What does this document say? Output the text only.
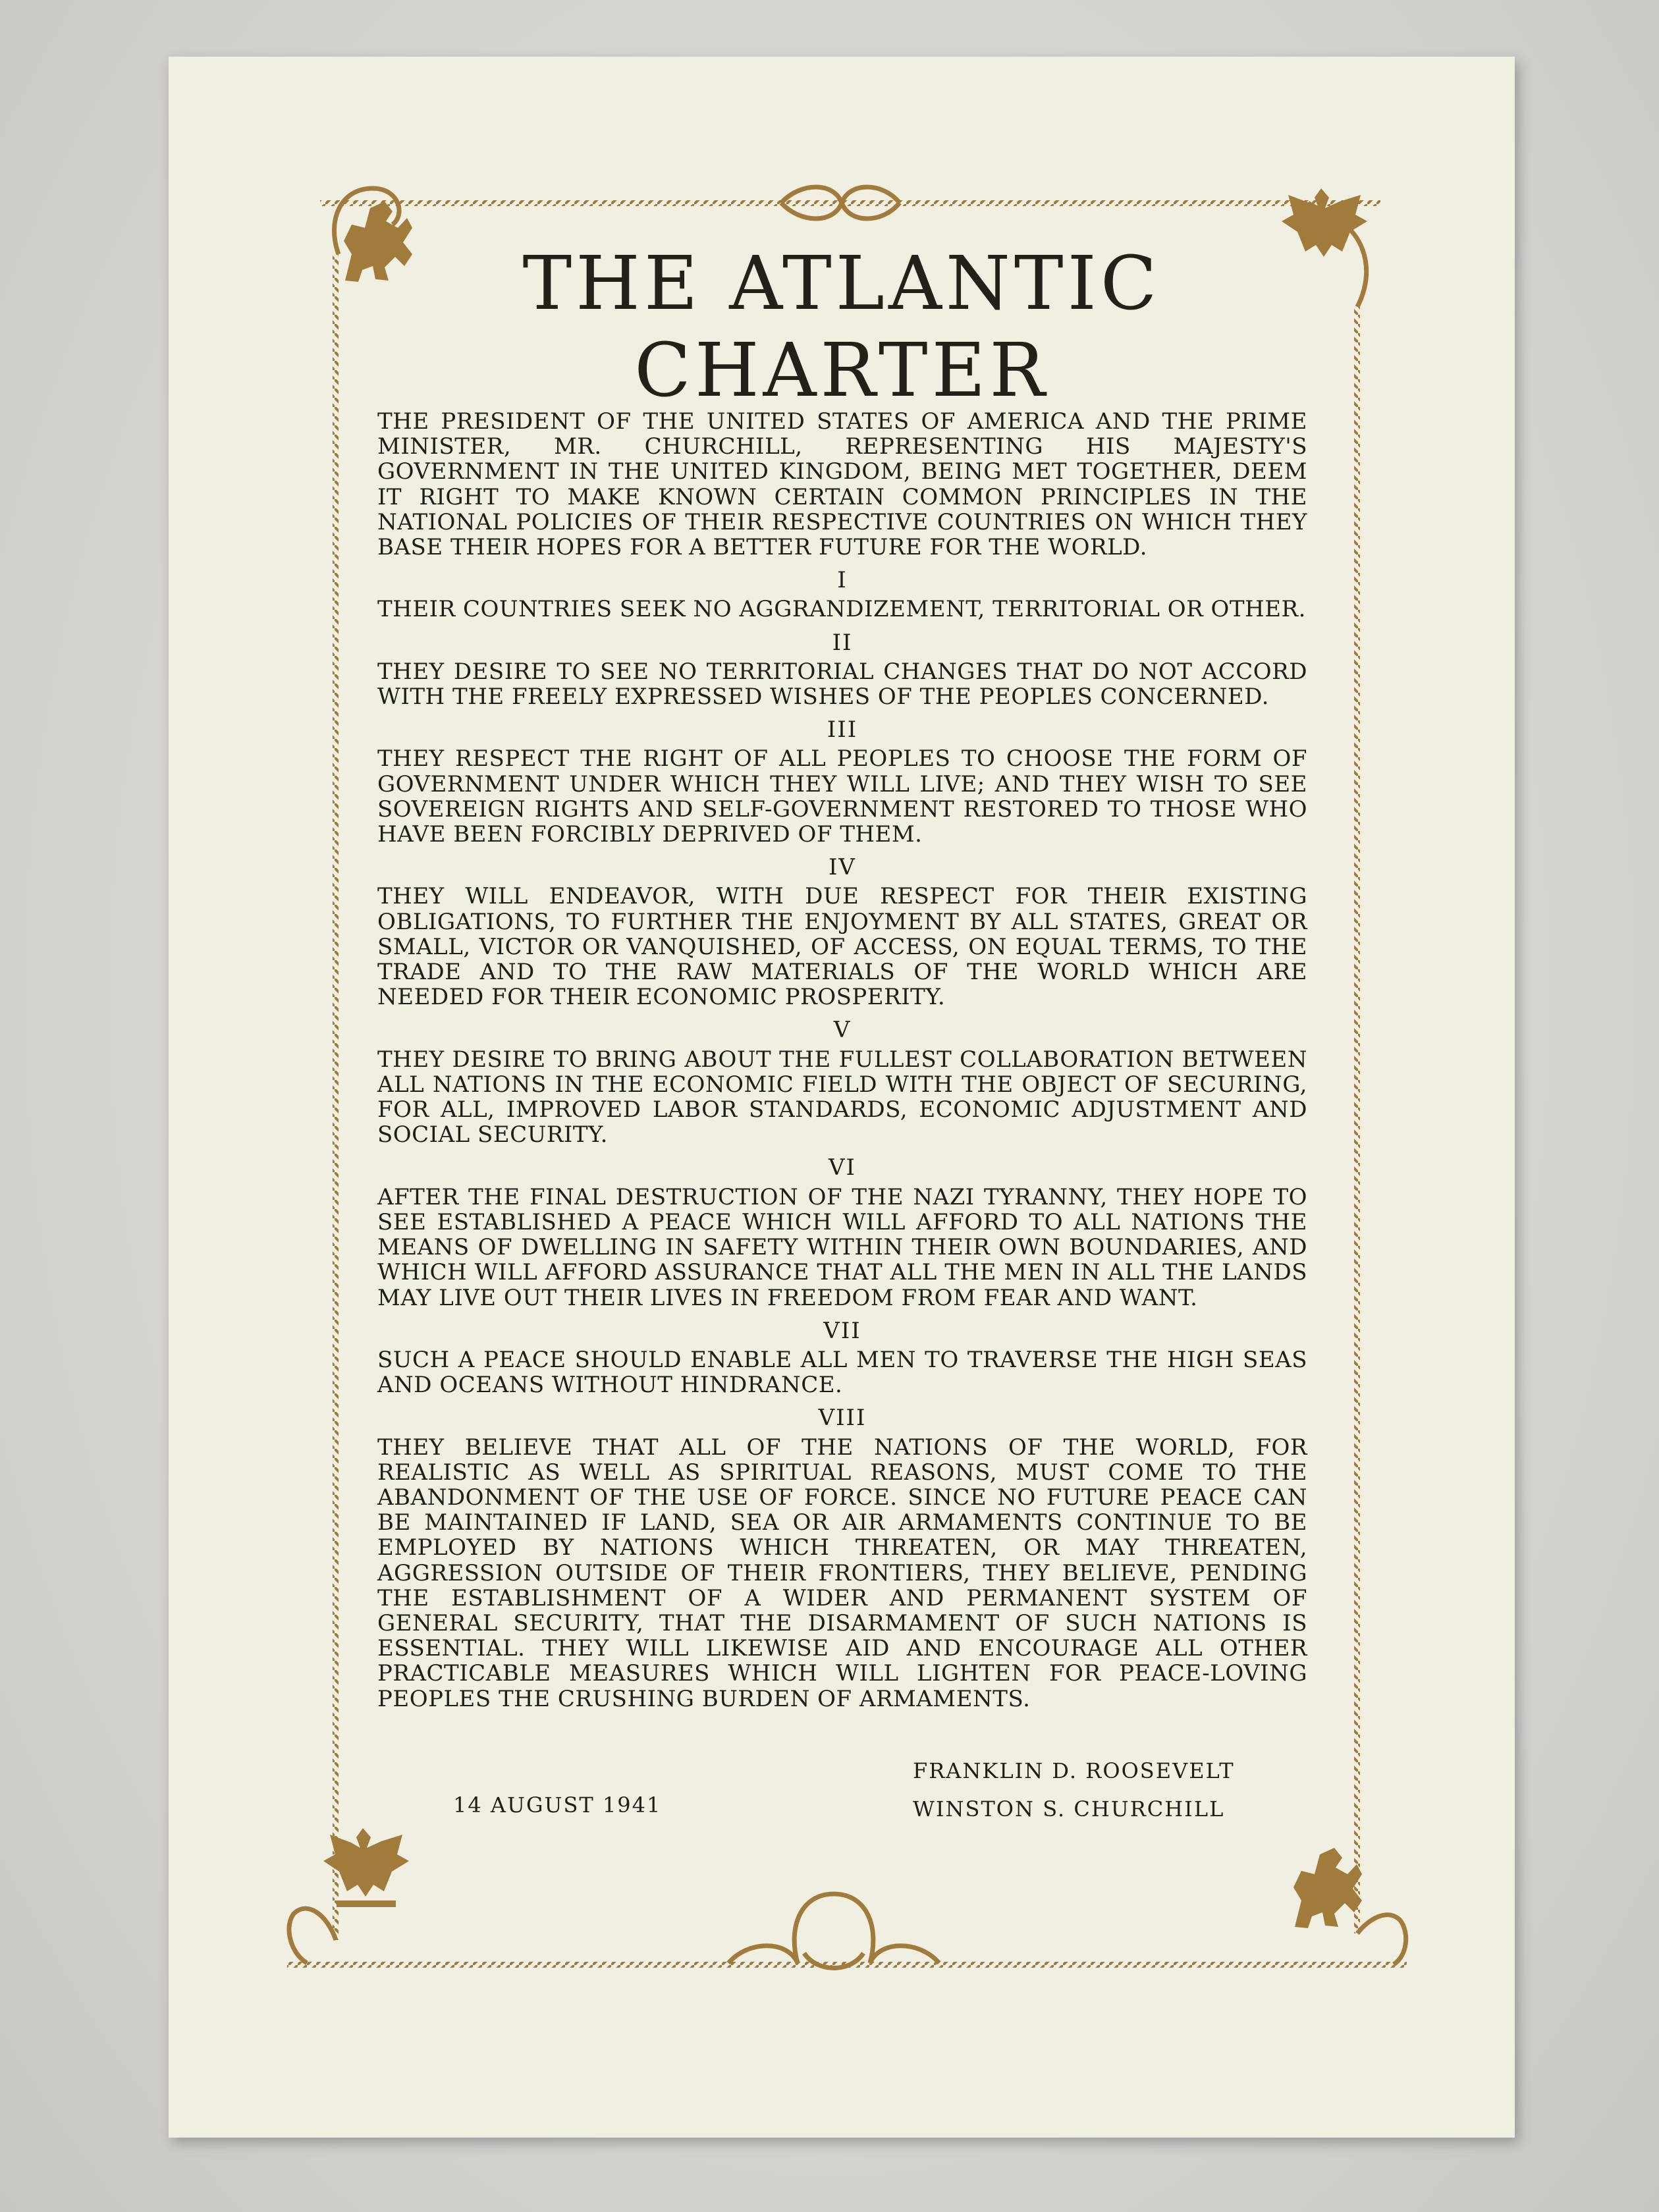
THE ATLANTIC
CHARTER

THE PRESIDENT OF THE UNITED STATES OF AMERICA AND THE PRIME MINISTER, MR. CHURCHILL, REPRESENTING HIS MAJESTY'S GOVERNMENT IN THE UNITED KINGDOM, BEING MET TOGETHER, DEEM IT RIGHT TO MAKE KNOWN CERTAIN COMMON PRINCIPLES IN THE NATIONAL POLICIES OF THEIR RESPECTIVE COUNTRIES ON WHICH THEY BASE THEIR HOPES FOR A BETTER FUTURE FOR THE WORLD.

I

THEIR COUNTRIES SEEK NO AGGRANDIZEMENT, TERRITORIAL OR OTHER.

II

THEY DESIRE TO SEE NO TERRITORIAL CHANGES THAT DO NOT ACCORD WITH THE FREELY EXPRESSED WISHES OF THE PEOPLES CONCERNED.

III

THEY RESPECT THE RIGHT OF ALL PEOPLES TO CHOOSE THE FORM OF GOVERNMENT UNDER WHICH THEY WILL LIVE; AND THEY WISH TO SEE SOVEREIGN RIGHTS AND SELF-GOVERNMENT RESTORED TO THOSE WHO HAVE BEEN FORCIBLY DEPRIVED OF THEM.

IV

THEY WILL ENDEAVOR, WITH DUE RESPECT FOR THEIR EXISTING OBLIGATIONS, TO FURTHER THE ENJOYMENT BY ALL STATES, GREAT OR SMALL, VICTOR OR VANQUISHED, OF ACCESS, ON EQUAL TERMS, TO THE TRADE AND TO THE RAW MATERIALS OF THE WORLD WHICH ARE NEEDED FOR THEIR ECONOMIC PROSPERITY.

V

THEY DESIRE TO BRING ABOUT THE FULLEST COLLABORATION BETWEEN ALL NATIONS IN THE ECONOMIC FIELD WITH THE OBJECT OF SECURING, FOR ALL, IMPROVED LABOR STANDARDS, ECONOMIC ADJUSTMENT AND SOCIAL SECURITY.

VI

AFTER THE FINAL DESTRUCTION OF THE NAZI TYRANNY, THEY HOPE TO SEE ESTABLISHED A PEACE WHICH WILL AFFORD TO ALL NATIONS THE MEANS OF DWELLING IN SAFETY WITHIN THEIR OWN BOUNDARIES, AND WHICH WILL AFFORD ASSURANCE THAT ALL THE MEN IN ALL THE LANDS MAY LIVE OUT THEIR LIVES IN FREEDOM FROM FEAR AND WANT.

VII

SUCH A PEACE SHOULD ENABLE ALL MEN TO TRAVERSE THE HIGH SEAS AND OCEANS WITHOUT HINDRANCE.

VIII

THEY BELIEVE THAT ALL OF THE NATIONS OF THE WORLD, FOR REALISTIC AS WELL AS SPIRITUAL REASONS, MUST COME TO THE ABANDONMENT OF THE USE OF FORCE. SINCE NO FUTURE PEACE CAN BE MAINTAINED IF LAND, SEA OR AIR ARMAMENTS CONTINUE TO BE EMPLOYED BY NATIONS WHICH THREATEN, OR MAY THREATEN, AGGRESSION OUTSIDE OF THEIR FRONTIERS, THEY BELIEVE, PENDING THE ESTABLISHMENT OF A WIDER AND PERMANENT SYSTEM OF GENERAL SECURITY, THAT THE DISARMAMENT OF SUCH NATIONS IS ESSENTIAL. THEY WILL LIKEWISE AID AND ENCOURAGE ALL OTHER PRACTICABLE MEASURES WHICH WILL LIGHTEN FOR PEACE-LOVING PEOPLES THE CRUSHING BURDEN OF ARMAMENTS.

14 AUGUST 1941
FRANKLIN D. ROOSEVELT
WINSTON S. CHURCHILL
